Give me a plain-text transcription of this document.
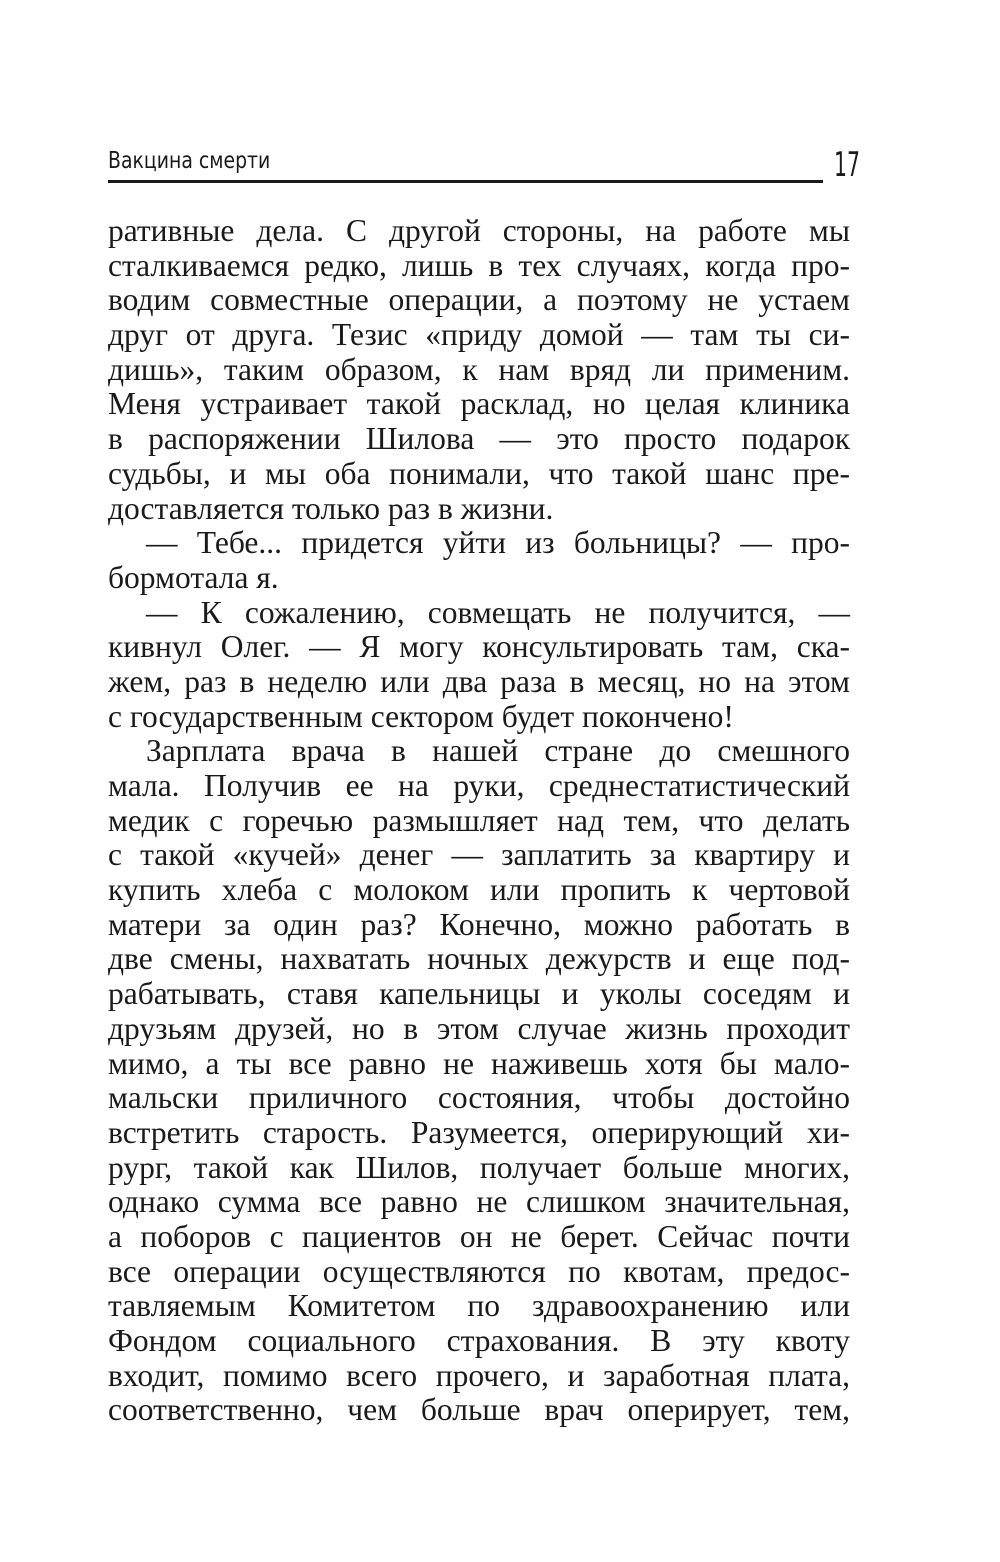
Вакцина смерти	17
ративные дела. С другой стороны, на работе мы
сталкиваемся редко, лишь в тех случаях, когда про-
водим совместные операции, а поэтому не устаем
друг от друга. Тезис «приду домой — там ты си-
дишь», таким образом, к нам вряд ли применим.
Меня устраивает такой расклад, но целая клиника
в распоряжении Шилова — это просто подарок
судьбы, и мы оба понимали, что такой шанс пре-
доставляется только раз в жизни.
— Тебе... придется уйти из больницы? — про-
бормотала я.
— К сожалению, совмещать не получится, —
кивнул Олег. — Я могу консультировать там, ска-
жем, раз в неделю или два раза в месяц, но на этом
с государственным сектором будет покончено!
Зарплата врача в нашей стране до смешного
мала. Получив ее на руки, среднестатистический
медик с горечью размышляет над тем, что делать
с такой «кучей» денег — заплатить за квартиру и
купить хлеба с молоком или пропить к чертовой
матери за один раз? Конечно, можно работать в
две смены, нахватать ночных дежурств и еще под-
рабатывать, ставя капельницы и уколы соседям и
друзьям друзей, но в этом случае жизнь проходит
мимо, а ты все равно не наживешь хотя бы мало-
мальски приличного состояния, чтобы достойно
встретить старость. Разумеется, оперирующий хи-
рург, такой как Шилов, получает больше многих,
однако сумма все равно не слишком значительная,
а поборов с пациентов он не берет. Сейчас почти
все операции осуществляются по квотам, предос-
тавляемым Комитетом по здравоохранению или
Фондом социального страхования. В эту квоту
входит, помимо всего прочего, и заработная плата,
соответственно, чем больше врач оперирует, тем,
